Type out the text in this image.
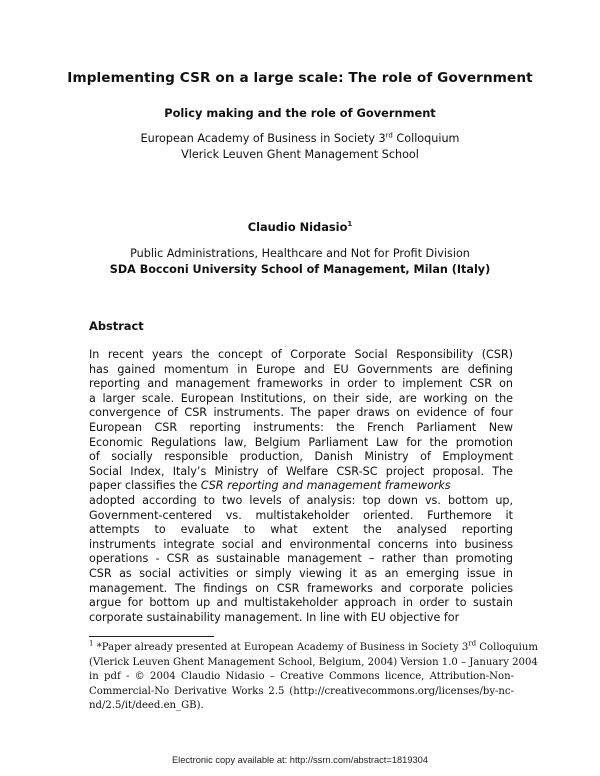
Implementing CSR on a large scale: The role of Government
Policy making and the role of Government
European Academy of Business in Society 3rd Colloquium
Vlerick Leuven Ghent Management School
Claudio Nidasio$^1$
Public Administrations, Healthcare and Not for Profit Division
SDA Bocconi University School of Management, Milan (Italy)
Abstract
In recent years the concept of Corporate Social Responsibility (CSR)
has gained momentum in Europe and EU Governments are defining
reporting and management frameworks in order to implement CSR on
a larger scale. European Institutions, on their side, are working on the
convergence of CSR instruments. The paper draws on evidence of four
European CSR reporting instruments: the French Parliament New
Economic Regulations law, Belgium Parliament Law for the promotion
of socially responsible production, Danish Ministry of Employment
Social Index, Italy’s Ministry of Welfare CSR-SC project proposal. The
paper classifies the CSR reporting and management frameworks
adopted according to two levels of analysis: top down vs. bottom up,
Government-centered vs. multistakeholder oriented. Furthemore it
attempts to evaluate to what extent the analysed reporting
instruments integrate social and environmental concerns into business
operations - CSR as sustainable management – rather than promoting
CSR as social activities or simply viewing it as an emerging issue in
management. The findings on CSR frameworks and corporate policies
argue for bottom up and multistakeholder approach in order to sustain
corporate sustainability management. In line with EU objective for
$^1$ *Paper already presented at European Academy of Business in Society 3rd Colloquium
(Vlerick Leuven Ghent Management School, Belgium, 2004) Version 1.0 – January 2004
in pdf - © 2004 Claudio Nidasio – Creative Commons licence, Attribution-Non-
Commercial-No Derivative Works 2.5 (http://creativecommons.org/licenses/by-nc-
nd/2.5/it/deed.en_GB).
Electronic copy available at: http://ssrn.com/abstract=1819304
